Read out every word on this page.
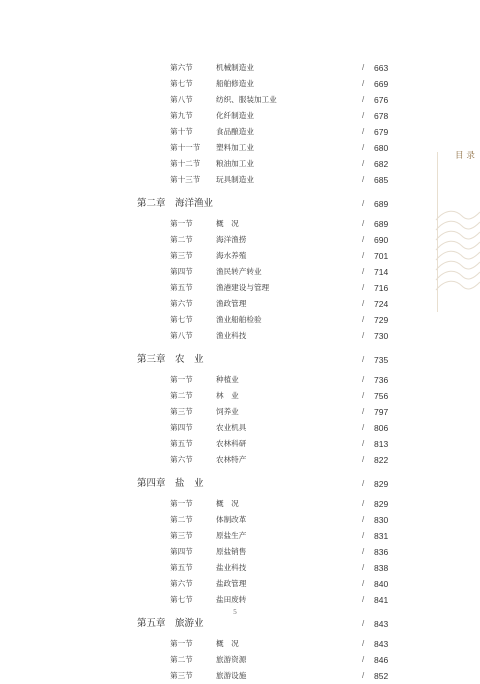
第六节	机械制造业	/ 663
第七节	船舶修造业	/ 669
第八节	纺织、服装加工业	/ 676
第九节	化纤制造业	/ 678
第十节	食品酿造业	/ 679
第十一节 塑料加工业	/ 680
第十二节 粮油加工业	/ 682
第十三节 玩具制造业	/ 685
第二章　海洋渔业	/ 689
第一节	概　况	/ 689
第二节	海洋渔捞	/ 690
第三节	海水养殖	/ 701
第四节	渔民转产转业	/ 714
第五节	渔港建设与管理	/ 716
第六节	渔政管理	/ 724
第七节	渔业船舶检验	/ 729
第八节	渔业科技	/ 730
第三章　农　业	/ 735
第一节	种植业	/ 736
第二节	林　业	/ 756
第三节	饲养业	/ 797
第四节	农业机具	/ 806
第五节	农林科研	/ 813
第六节	农林特产	/ 822
第四章　盐　业	/ 829
第一节	概　况	/ 829
第二节	体制改革	/ 830
第三节	原盐生产	/ 831
第四节	原盐销售	/ 836
第五节	盐业科技	/ 838
第六节	盐政管理	/ 840
第七节	盐田废转	/ 841
第五章　旅游业	/ 843
第一节	概　况	/ 843
第二节	旅游资源	/ 846
第三节	旅游设施	/ 852
目 录
5
